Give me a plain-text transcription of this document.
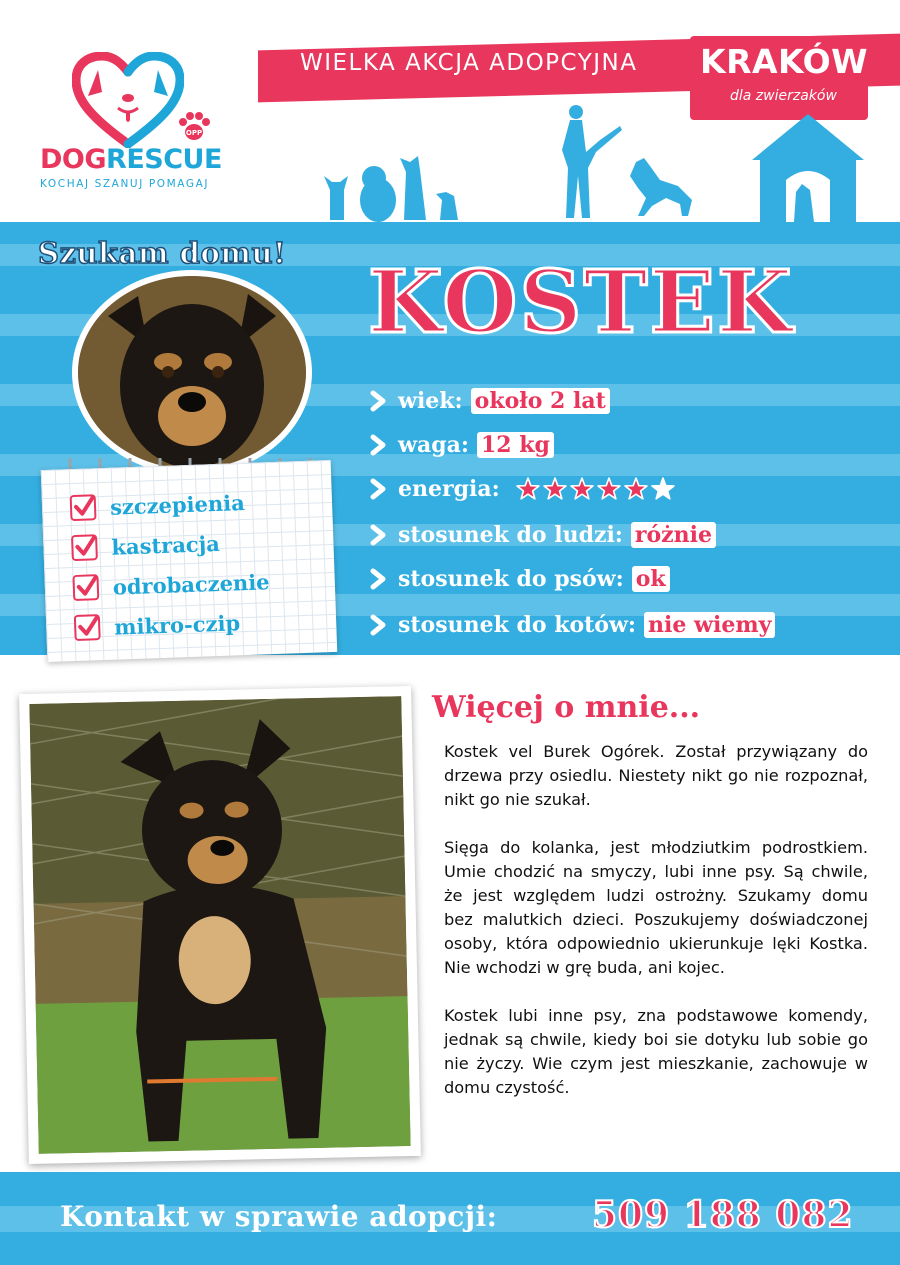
OPP
DOGRESCUE
KOCHAJ SZANUJ POMAGAJ
WIELKA AKCJA ADOPCYJNA KRAKÓW
dla zwierzaków
Szukam domu!
szczepienia
kastracja
odrobaczenie
mikro-czip
KOSTEK
wiek: około 2 lat
waga: 12 kg
energia:
stosunek do ludzi: różnie
stosunek do psów: ok
stosunek do kotów: nie wiemy
Więcej o mnie...

Kostek vel Burek Ogórek. Został przywiązany do drzewa przy osiedlu. Niestety nikt go nie rozpoznał, nikt go nie szukał.

Sięga do kolanka, jest młodziutkim podrostkiem. Umie chodzić na smyczy, lubi inne psy. Są chwile, że jest względem ludzi ostrożny. Szukamy domu bez malutkich dzieci. Poszukujemy doświadczonej osoby, która odpowiednio ukierunkuje lęki Kostka. Nie wchodzi w grę buda, ani kojec.

Kostek lubi inne psy, zna podstawowe komendy, jednak są chwile, kiedy boi sie dotyku lub sobie go nie życzy. Wie czym jest mieszkanie, zachowuje w domu czystość.

Kontakt w sprawie adopcji:	509 188 082
